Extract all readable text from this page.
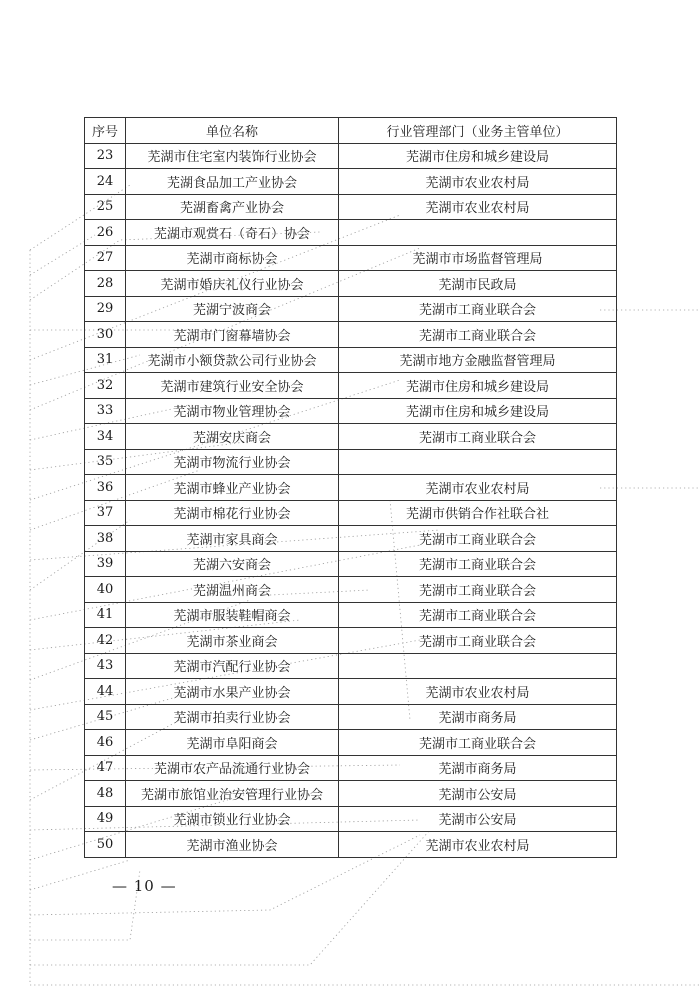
序号	单位名称	行业管理部门（业务主管单位）
23	芜湖市住宅室内装饰行业协会	芜湖市住房和城乡建设局
24	芜湖食品加工产业协会	芜湖市农业农村局
25	芜湖畜禽产业协会	芜湖市农业农村局
26	芜湖市观赏石（奇石）协会	
27	芜湖市商标协会	芜湖市市场监督管理局
28	芜湖市婚庆礼仪行业协会	芜湖市民政局
29	芜湖宁波商会	芜湖市工商业联合会
30	芜湖市门窗幕墙协会	芜湖市工商业联合会
31	芜湖市小额贷款公司行业协会	芜湖市地方金融监督管理局
32	芜湖市建筑行业安全协会	芜湖市住房和城乡建设局
33	芜湖市物业管理协会	芜湖市住房和城乡建设局
34	芜湖安庆商会	芜湖市工商业联合会
35	芜湖市物流行业协会	
36	芜湖市蜂业产业协会	芜湖市农业农村局
37	芜湖市棉花行业协会	芜湖市供销合作社联合社
38	芜湖市家具商会	芜湖市工商业联合会
39	芜湖六安商会	芜湖市工商业联合会
40	芜湖温州商会	芜湖市工商业联合会
41	芜湖市服装鞋帽商会	芜湖市工商业联合会
42	芜湖市茶业商会	芜湖市工商业联合会
43	芜湖市汽配行业协会	
44	芜湖市水果产业协会	芜湖市农业农村局
45	芜湖市拍卖行业协会	芜湖市商务局
46	芜湖市阜阳商会	芜湖市工商业联合会
47	芜湖市农产品流通行业协会	芜湖市商务局
48	芜湖市旅馆业治安管理行业协会	芜湖市公安局
49	芜湖市锁业行业协会	芜湖市公安局
50	芜湖市渔业协会	芜湖市农业农村局
— 10 —
